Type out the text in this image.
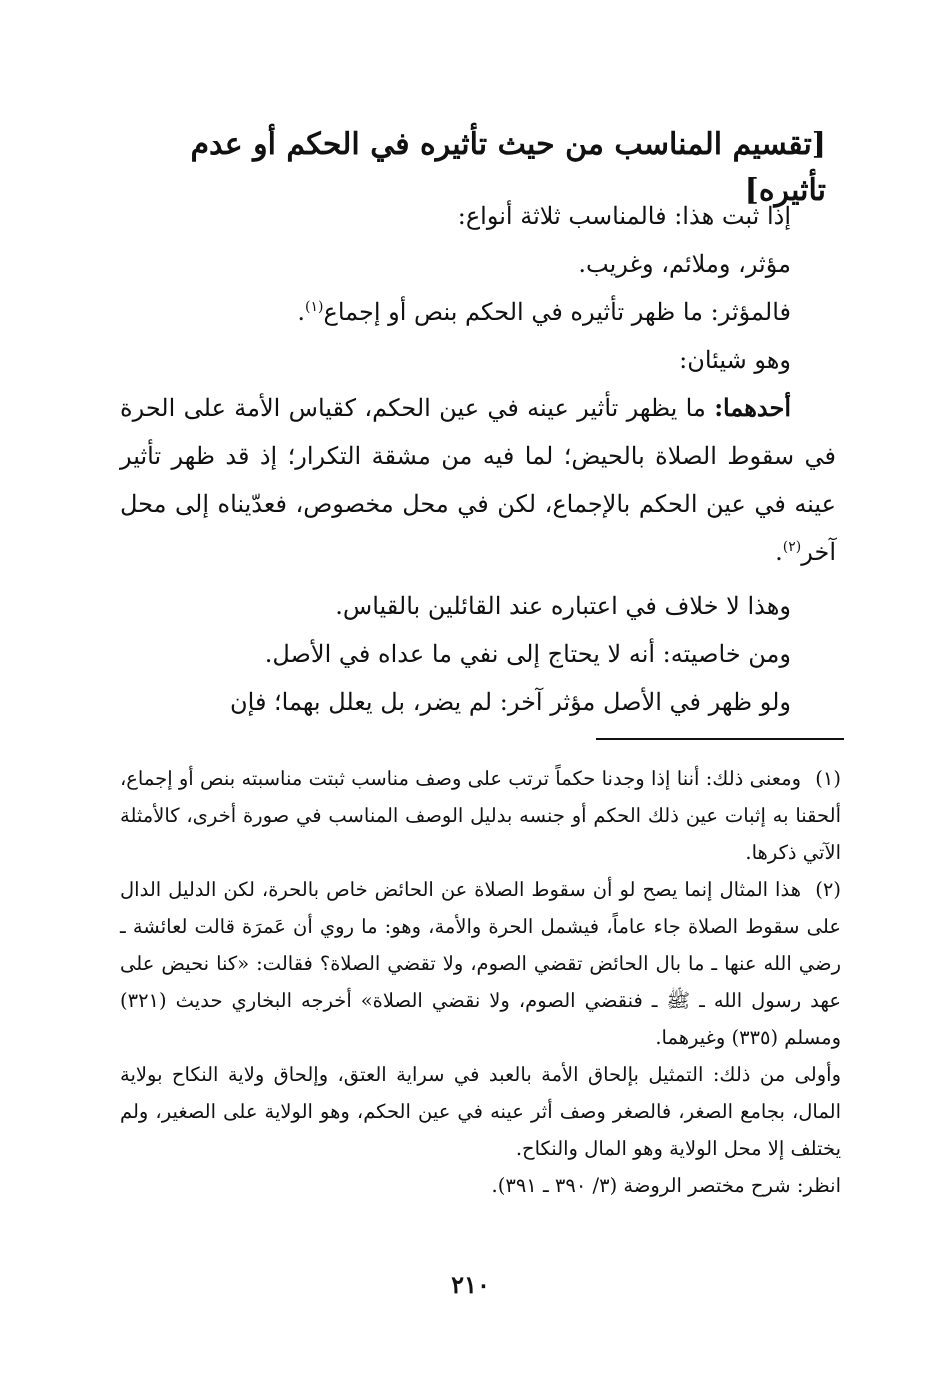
[تقسيم المناسب من حيث تأثيره في الحكم أو عدم تأثيره]

إذا ثبت هذا: فالمناسب ثلاثة أنواع:

مؤثر، وملائم، وغريب.

فالمؤثر: ما ظهر تأثيره في الحكم بنص أو إجماع$^{(١)}$.

وهو شيئان:

أحدهما: ما يظهر تأثير عينه في عين الحكم، كقياس الأمة على الحرة في سقوط الصلاة بالحيض؛ لما فيه من مشقة التكرار؛ إذ قد ظهر تأثير عينه في عين الحكم بالإجماع، لكن في محل مخصوص، فعدّيناه إلى محل آخر$^{(٢)}$.

وهذا لا خلاف في اعتباره عند القائلين بالقياس.

ومن خاصيته: أنه لا يحتاج إلى نفي ما عداه في الأصل.

ولو ظهر في الأصل مؤثر آخر: لم يضر، بل يعلل بهما؛ فإن

(١)ومعنى ذلك: أننا إذا وجدنا حكماً ترتب على وصف مناسب ثبتت مناسبته بنص أو إجماع، ألحقنا به إثبات عين ذلك الحكم أو جنسه بدليل الوصف المناسب في صورة أخرى، كالأمثلة الآتي ذكرها.

(٢)هذا المثال إنما يصح لو أن سقوط الصلاة عن الحائض خاص بالحرة، لكن الدليل الدال على سقوط الصلاة جاء عاماً، فيشمل الحرة والأمة، وهو: ما روي أن عَمرَة قالت لعائشة ـ رضي الله عنها ـ ما بال الحائض تقضي الصوم، ولا تقضي الصلاة؟ فقالت: «كنا نحيض على عهد رسول الله ـ ﷺ ـ فنقضي الصوم، ولا نقضي الصلاة» أخرجه البخاري حديث (٣٢١) ومسلم (٣٣٥) وغيرهما.

وأولى من ذلك: التمثيل بإلحاق الأمة بالعبد في سراية العتق، وإلحاق ولاية النكاح بولاية المال، بجامع الصغر، فالصغر وصف أثر عينه في عين الحكم، وهو الولاية على الصغير، ولم يختلف إلا محل الولاية وهو المال والنكاح.

انظر: شرح مختصر الروضة (٣/ ٣٩٠ ـ ٣٩١).

٢١٠
